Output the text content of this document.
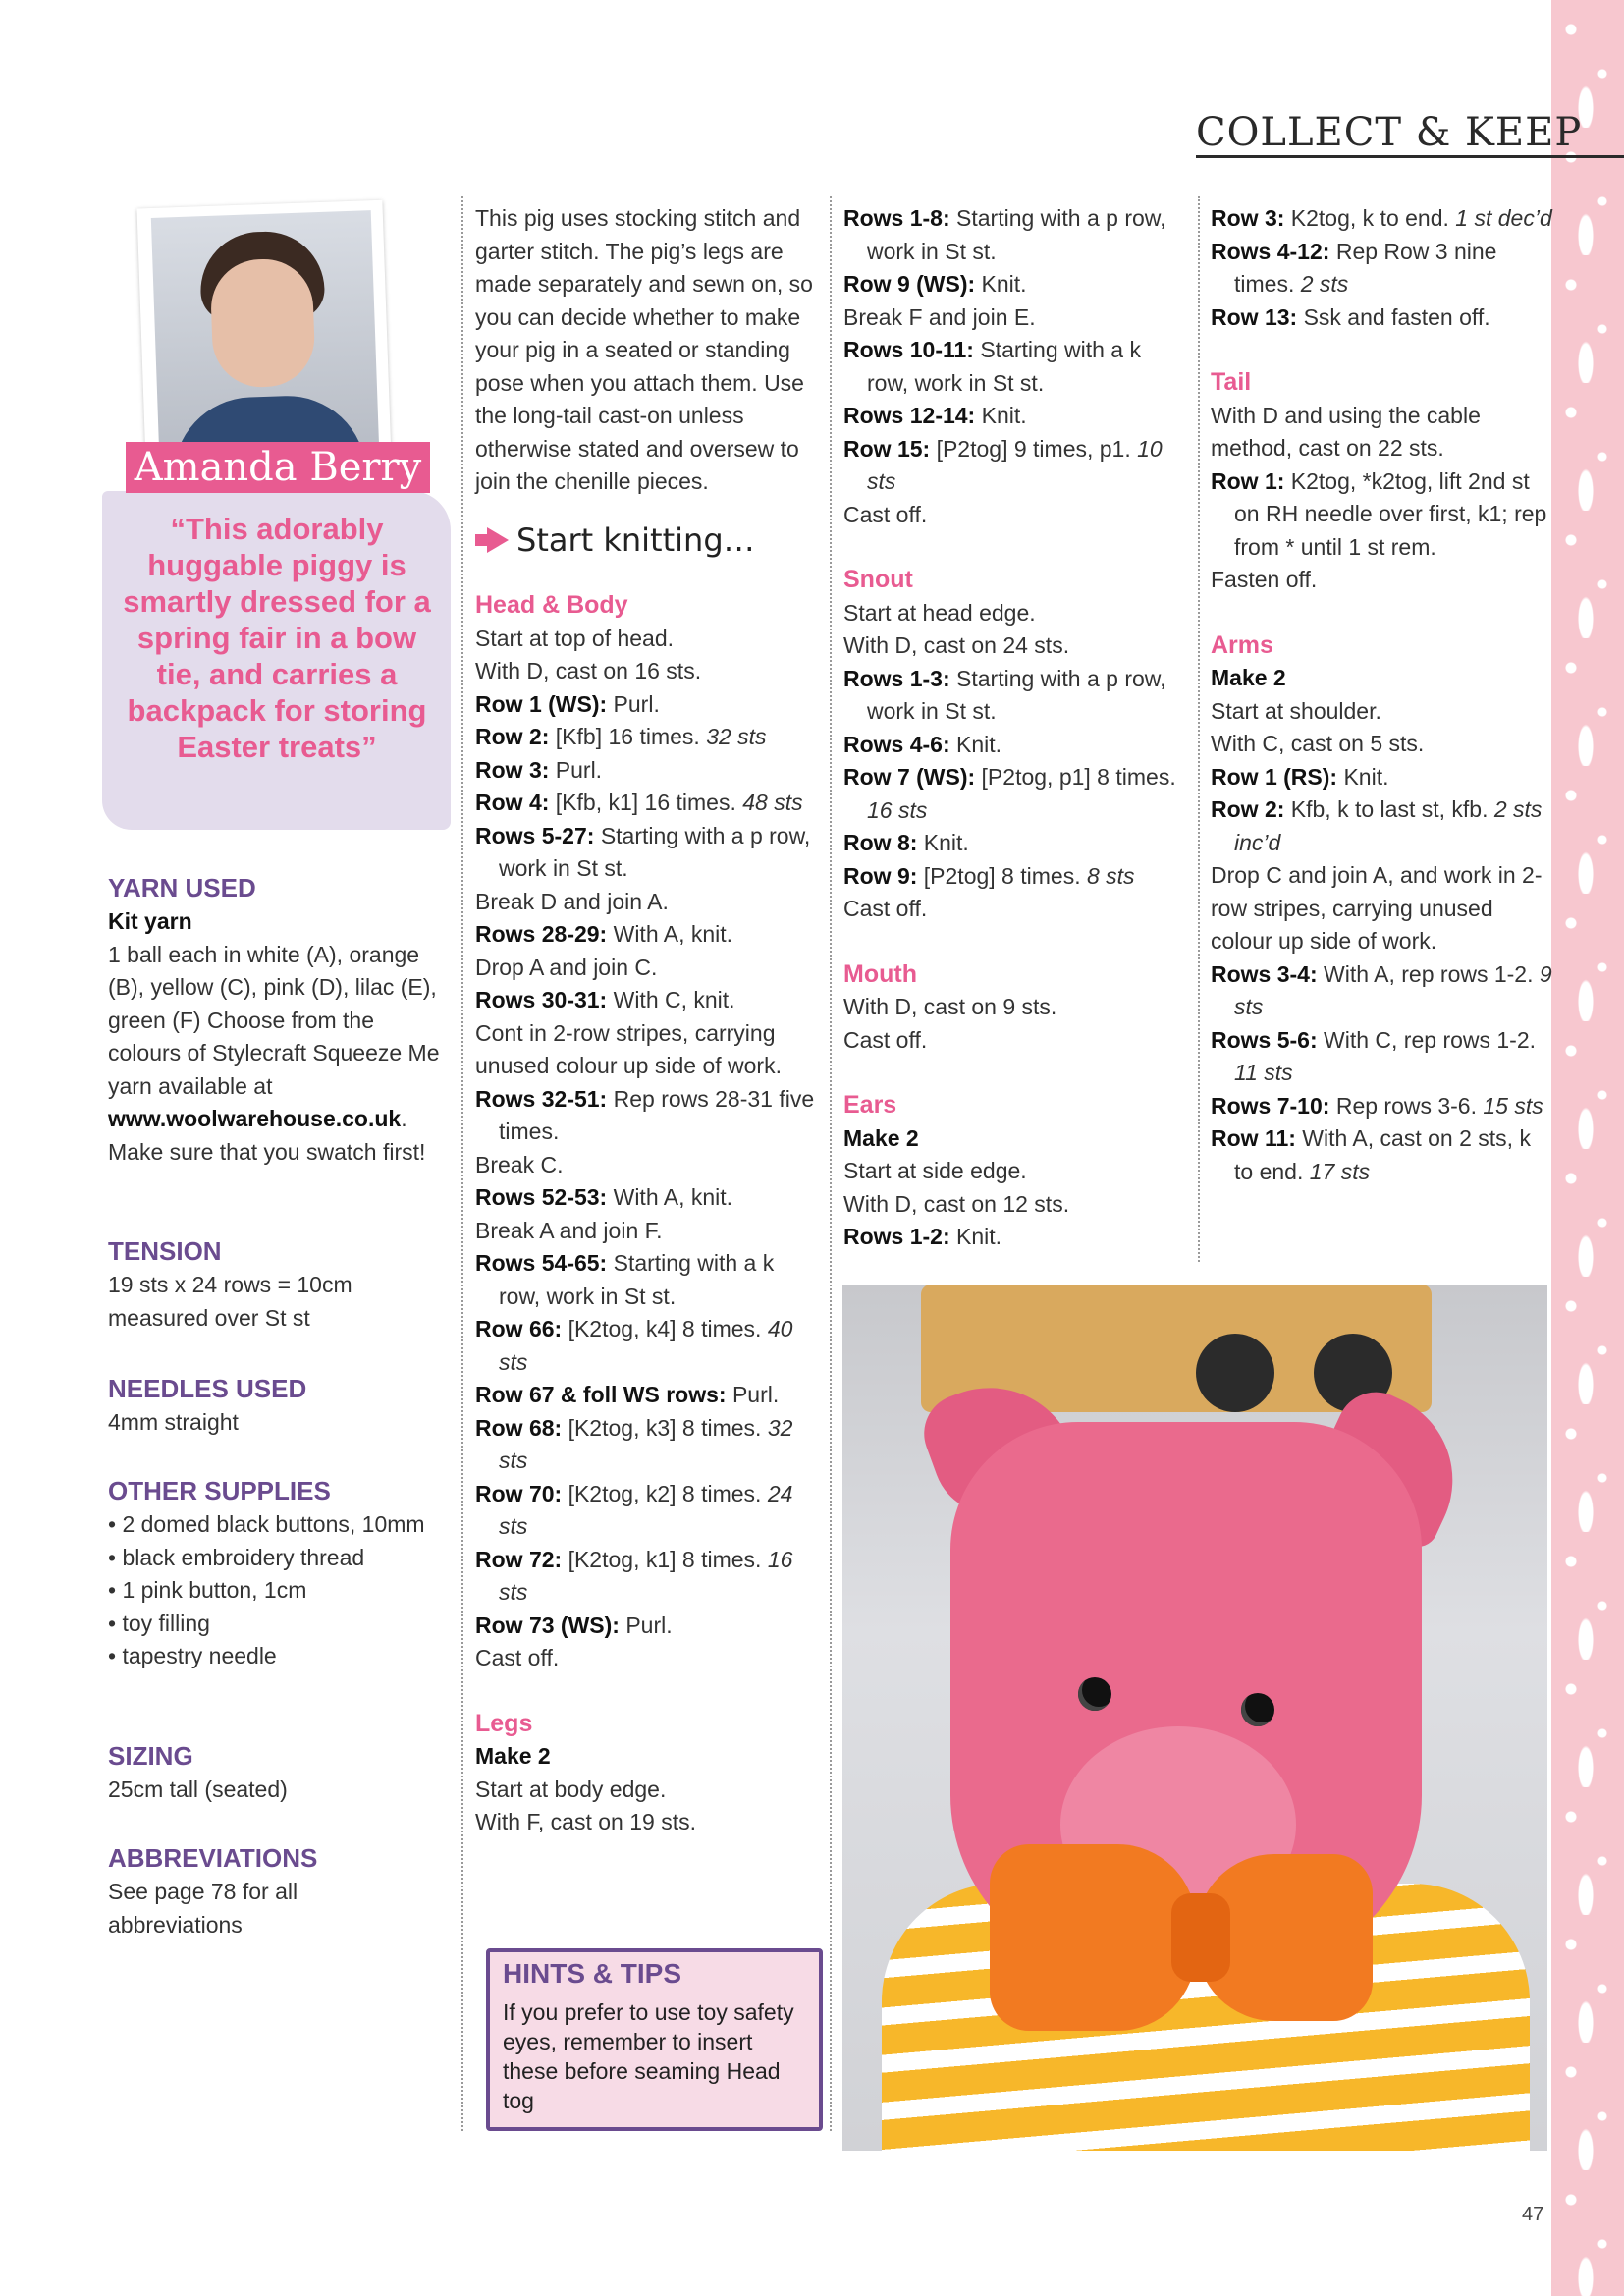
COLLECT & KEEP
Amanda Berry
“This adorably huggable piggy is smartly dressed for a spring fair in a bow tie, and carries a backpack for storing Easter treats”
YARN USED
Kit yarn
1 ball each in white (A), orange (B), yellow (C), pink (D), lilac (E), green (F) Choose from the colours of Stylecraft Squeeze Me yarn available at
www.woolwarehouse.co.uk. Make sure that you swatch first!
TENSION
19 sts x 24 rows = 10cm measured over St st
NEEDLES USED
4mm straight
OTHER SUPPLIES
• 2 domed black buttons, 10mm
• black embroidery thread
• 1 pink button, 1cm
• toy filling
• tapestry needle
SIZING
25cm tall (seated)
ABBREVIATIONS
See page 78 for all abbreviations

This pig uses stocking stitch and garter stitch. The pig’s legs are made separately and sewn on, so you can decide whether to make your pig in a seated or standing pose when you attach them. Use the long-tail cast-on unless otherwise stated and oversew to join the chenille pieces.

Start knitting…

Head & Body

Start at top of head.

With D, cast on 16 sts.

Row 1 (WS): Purl.

Row 2: [Kfb] 16 times. 32 sts

Row 3: Purl.

Row 4: [Kfb, k1] 16 times. 48 sts

Rows 5-27: Starting with a p row, work in St st.

Break D and join A.

Rows 28-29: With A, knit.

Drop A and join C.

Rows 30-31: With C, knit.

Cont in 2-row stripes, carrying unused colour up side of work.

Rows 32-51: Rep rows 28-31 five times.

Break C.

Rows 52-53: With A, knit.

Break A and join F.

Rows 54-65: Starting with a k row, work in St st.

Row 66: [K2tog, k4] 8 times. 40 sts

Row 67 & foll WS rows: Purl.

Row 68: [K2tog, k3] 8 times. 32 sts

Row 70: [K2tog, k2] 8 times. 24 sts

Row 72: [K2tog, k1] 8 times. 16 sts

Row 73 (WS): Purl.

Cast off.

Legs

Make 2

Start at body edge.

With F, cast on 19 sts.

HINTS & TIPS
If you prefer to use toy safety eyes, remember to insert these before seaming Head tog

Rows 1-8: Starting with a p row, work in St st.

Row 9 (WS): Knit.

Break F and join E.

Rows 10-11: Starting with a k row, work in St st.

Rows 12-14: Knit.

Row 15: [P2tog] 9 times, p1. 10 sts

Cast off.

Snout

Start at head edge.

With D, cast on 24 sts.

Rows 1-3: Starting with a p row, work in St st.

Rows 4-6: Knit.

Row 7 (WS): [P2tog, p1] 8 times. 16 sts

Row 8: Knit.

Row 9: [P2tog] 8 times. 8 sts

Cast off.

Mouth

With D, cast on 9 sts.

Cast off.

Ears

Make 2

Start at side edge.

With D, cast on 12 sts.

Rows 1-2: Knit.

Row 3: K2tog, k to end. 1 st dec’d

Rows 4-12: Rep Row 3 nine times. 2 sts

Row 13: Ssk and fasten off.

Tail

With D and using the cable method, cast on 22 sts.

Row 1: K2tog, *k2tog, lift 2nd st on RH needle over first, k1; rep from * until 1 st rem.

Fasten off.

Arms

Make 2

Start at shoulder.

With C, cast on 5 sts.

Row 1 (RS): Knit.

Row 2: Kfb, k to last st, kfb. 2 sts inc’d

Drop C and join A, and work in 2-row stripes, carrying unused colour up side of work.

Rows 3-4: With A, rep rows 1-2. 9 sts

Rows 5-6: With C, rep rows 1-2. 11 sts

Rows 7-10: Rep rows 3-6. 15 sts

Row 11: With A, cast on 2 sts, k to end. 17 sts

47
